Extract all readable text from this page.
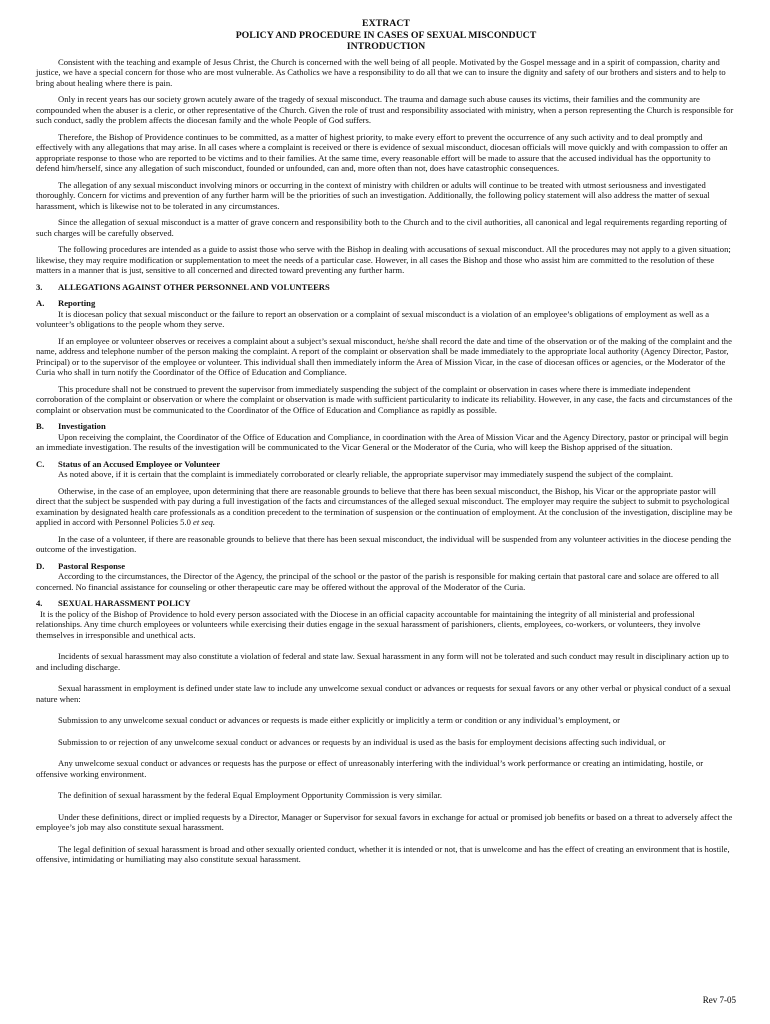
EXTRACT
POLICY AND PROCEDURE IN CASES OF SEXUAL MISCONDUCT
INTRODUCTION

Consistent with the teaching and example of Jesus Christ, the Church is concerned with the well being of all people. Motivated by the Gospel message and in a spirit of compassion, charity and justice, we have a special concern for those who are most vulnerable. As Catholics we have a responsibility to do all that we can to insure the dignity and safety of our brothers and sisters and to help to bring about healing where there is pain.

Only in recent years has our society grown acutely aware of the tragedy of sexual misconduct. The trauma and damage such abuse causes its victims, their families and the community are compounded when the abuser is a cleric, or other representative of the Church. Given the role of trust and responsibility associated with ministry, when a person representing the Church is responsible for such conduct, sadly the problem affects the diocesan family and the whole People of God suffers.

Therefore, the Bishop of Providence continues to be committed, as a matter of highest priority, to make every effort to prevent the occurrence of any such activity and to deal promptly and effectively with any allegations that may arise. In all cases where a complaint is received or there is evidence of sexual misconduct, diocesan officials will move quickly and with compassion to offer an appropriate response to those who are reported to be victims and to their families. At the same time, every reasonable effort will be made to assure that the accused individual has the opportunity to defend him/herself, since any allegation of such misconduct, founded or unfounded, can and, more often than not, does have catastrophic consequences.

The allegation of any sexual misconduct involving minors or occurring in the context of ministry with children or adults will continue to be treated with utmost seriousness and investigated thoroughly. Concern for victims and prevention of any further harm will be the priorities of such an investigation. Additionally, the following policy statement will also address the matter of sexual harassment, which is likewise not to be tolerated in any circumstances.

Since the allegation of sexual misconduct is a matter of grave concern and responsibility both to the Church and to the civil authorities, all canonical and legal requirements regarding reporting of such charges will be carefully observed.

The following procedures are intended as a guide to assist those who serve with the Bishop in dealing with accusations of sexual misconduct. All the procedures may not apply to a given situation; likewise, they may require modification or supplementation to meet the needs of a particular case. However, in all cases the Bishop and those who assist him are committed to the resolution of these matters in a manner that is just, sensitive to all concerned and directed toward preventing any further harm.

3. ALLEGATIONS AGAINST OTHER PERSONNEL AND VOLUNTEERS
A. Reporting

It is diocesan policy that sexual misconduct or the failure to report an observation or a complaint of sexual misconduct is a violation of an employee’s obligations of employment as well as a volunteer’s obligations to the people whom they serve.

If an employee or volunteer observes or receives a complaint about a subject’s sexual misconduct, he/she shall record the date and time of the observation or of the making of the complaint and the name, address and telephone number of the person making the complaint. A report of the complaint or observation shall be made immediately to the appropriate local authority (Agency Director, Pastor, Principal) or to the supervisor of the employee or volunteer. This individual shall then immediately inform the Area of Mission Vicar, in the case of diocesan offices or agencies, or the Moderator of the Curia who shall in turn notify the Coordinator of the Office of Education and Compliance.

This procedure shall not be construed to prevent the supervisor from immediately suspending the subject of the complaint or observation in cases where there is immediate independent corroboration of the complaint or observation or where the complaint or observation is made with sufficient particularity to indicate its reliability. However, in any case, the facts and circumstances of the complaint or observation must be communicated to the Coordinator of the Office of Education and Compliance as rapidly as possible.

B. Investigation

Upon receiving the complaint, the Coordinator of the Office of Education and Compliance, in coordination with the Area of Mission Vicar and the Agency Directory, pastor or principal will begin an immediate investigation. The results of the investigation will be communicated to the Vicar General or the Moderator of the Curia, who will keep the Bishop apprised of the situation.

C. Status of an Accused Employee or Volunteer

As noted above, if it is certain that the complaint is immediately corroborated or clearly reliable, the appropriate supervisor may immediately suspend the subject of the complaint.

Otherwise, in the case of an employee, upon determining that there are reasonable grounds to believe that there has been sexual misconduct, the Bishop, his Vicar or the appropriate pastor will direct that the subject be suspended with pay during a full investigation of the facts and circumstances of the alleged sexual misconduct. The employer may require the subject to submit to psychological examination by designated health care professionals as a condition precedent to the termination of suspension or the continuation of employment. At the conclusion of the investigation, discipline may be applied in accord with Personnel Policies 5.0 et seq.

In the case of a volunteer, if there are reasonable grounds to believe that there has been sexual misconduct, the individual will be suspended from any volunteer activities in the diocese pending the outcome of the investigation.

D. Pastoral Response

According to the circumstances, the Director of the Agency, the principal of the school or the pastor of the parish is responsible for making certain that pastoral care and solace are offered to all concerned. No financial assistance for counseling or other therapeutic care may be offered without the approval of the Moderator of the Curia.

4. SEXUAL HARASSMENT POLICY

It is the policy of the Bishop of Providence to hold every person associated with the Diocese in an official capacity accountable for maintaining the integrity of all ministerial and professional relationships. Any time church employees or volunteers while exercising their duties engage in the sexual harassment of parishioners, clients, employees, co-workers, or volunteers, they involve themselves in irresponsible and unethical acts.

Incidents of sexual harassment may also constitute a violation of federal and state law. Sexual harassment in any form will not be tolerated and such conduct may result in disciplinary action up to and including discharge.

Sexual harassment in employment is defined under state law to include any unwelcome sexual conduct or advances or requests for sexual favors or any other verbal or physical conduct of a sexual nature when:

Submission to any unwelcome sexual conduct or advances or requests is made either explicitly or implicitly a term or condition or any individual’s employment, or

Submission to or rejection of any unwelcome sexual conduct or advances or requests by an individual is used as the basis for employment decisions affecting such individual, or

Any unwelcome sexual conduct or advances or requests has the purpose or effect of unreasonably interfering with the individual’s work performance or creating an intimidating, hostile, or offensive working environment.

The definition of sexual harassment by the federal Equal Employment Opportunity Commission is very similar.

Under these definitions, direct or implied requests by a Director, Manager or Supervisor for sexual favors in exchange for actual or promised job benefits or based on a threat to adversely affect the employee’s job may also constitute sexual harassment.

The legal definition of sexual harassment is broad and other sexually oriented conduct, whether it is intended or not, that is unwelcome and has the effect of creating an environment that is hostile, offensive, intimidating or humiliating may also constitute sexual harassment.

Rev 7-05
